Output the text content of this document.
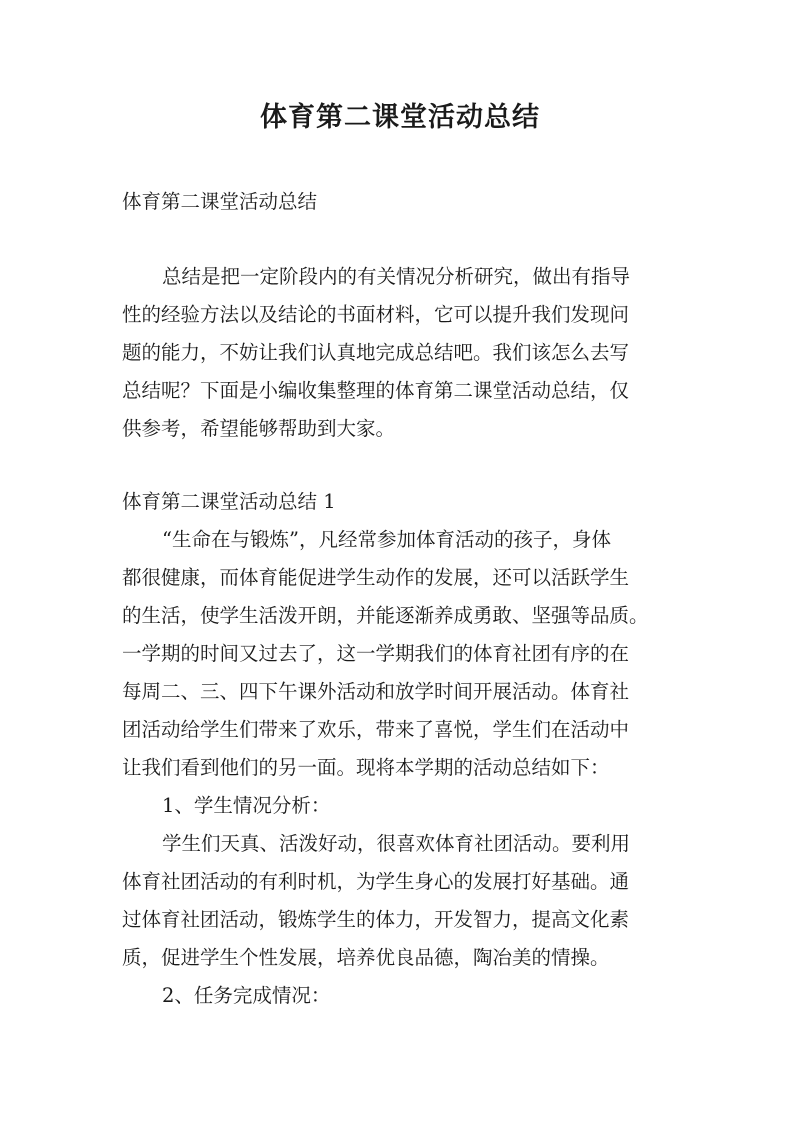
体育第二课堂活动总结

体育第二课堂活动总结

总结是把一定阶段内的有关情况分析研究，做出有指导

性的经验方法以及结论的书面材料，它可以提升我们发现问

题的能力，不妨让我们认真地完成总结吧。我们该怎么去写

总结呢？下面是小编收集整理的体育第二课堂活动总结，仅

供参考，希望能够帮助到大家。

体育第二课堂活动总结 1

“生命在与锻炼”，凡经常参加体育活动的孩子，身体

都很健康，而体育能促进学生动作的发展，还可以活跃学生

的生活，使学生活泼开朗，并能逐渐养成勇敢、坚强等品质。

一学期的时间又过去了，这一学期我们的体育社团有序的在

每周二、三、四下午课外活动和放学时间开展活动。体育社

团活动给学生们带来了欢乐，带来了喜悦，学生们在活动中

让我们看到他们的另一面。现将本学期的活动总结如下：

1、学生情况分析：

学生们天真、活泼好动，很喜欢体育社团活动。要利用

体育社团活动的有利时机，为学生身心的发展打好基础。通

过体育社团活动，锻炼学生的体力，开发智力，提高文化素

质，促进学生个性发展，培养优良品德，陶冶美的情操。

2、任务完成情况：
